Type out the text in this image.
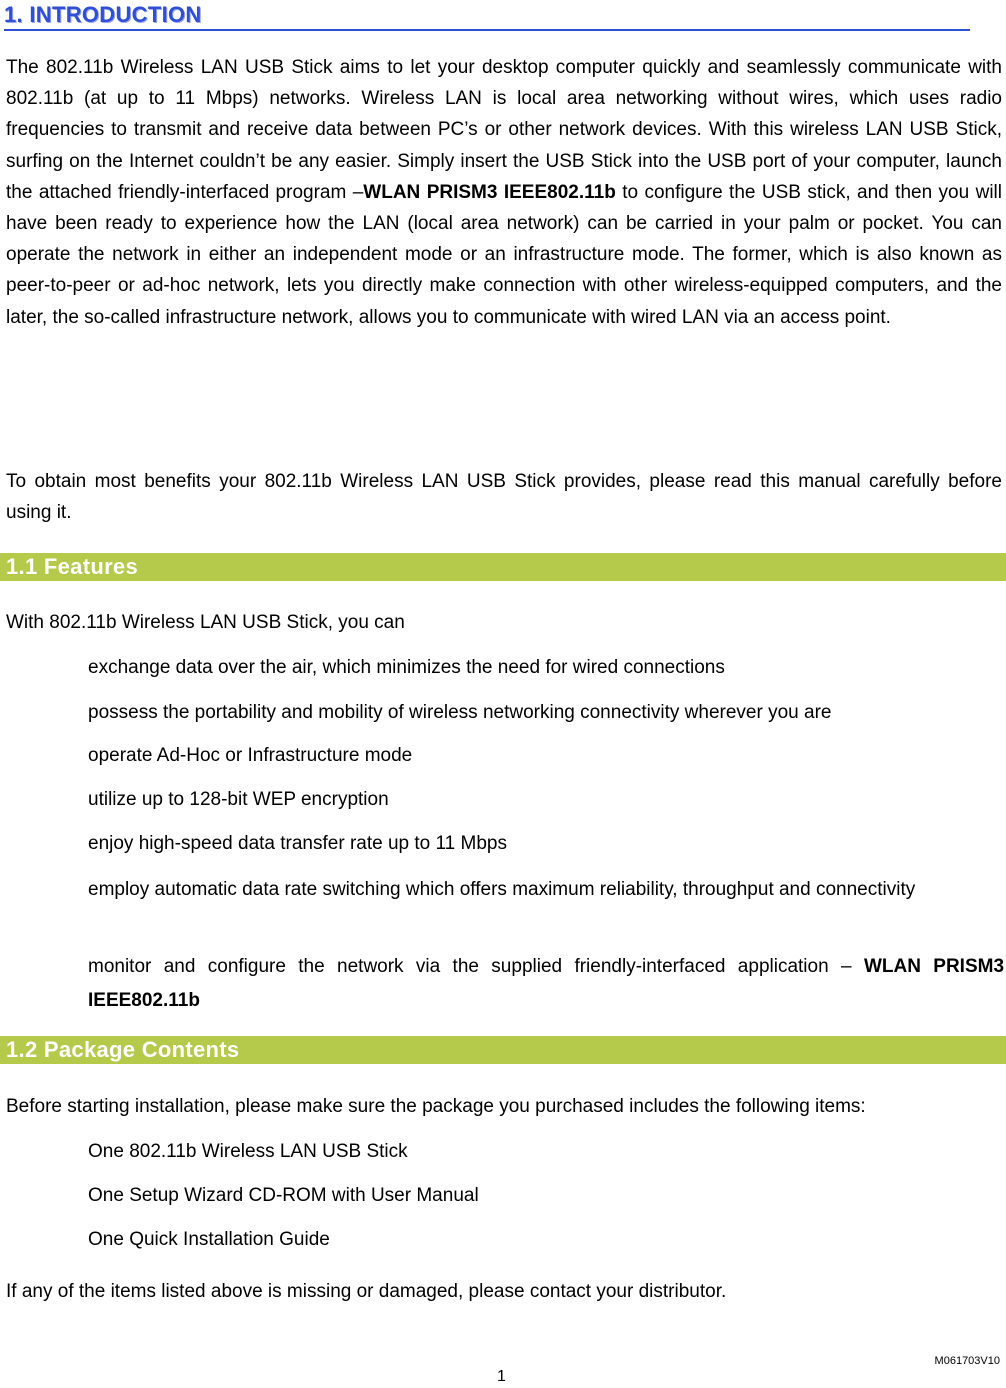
1. INTRODUCTION

The 802.11b Wireless LAN USB Stick aims to let your desktop computer quickly and seamlessly communicate with 802.11b (at up to 11 Mbps) networks. Wireless LAN is local area networking without wires, which uses radio frequencies to transmit and receive data between PC’s or other network devices. With this wireless LAN USB Stick, surfing on the Internet couldn’t be any easier. Simply insert the USB Stick into the USB port of your computer, launch the attached friendly-interfaced program –WLAN PRISM3 IEEE802.11b to configure the USB stick, and then you will have been ready to experience how the LAN (local area network) can be carried in your palm or pocket. You can operate the network in either an independent mode or an infrastructure mode. The former, which is also known as peer-to-peer or ad-hoc network, lets you directly make connection with other wireless-equipped computers, and the later, the so-called infrastructure network, allows you to communicate with wired LAN via an access point.

To obtain most benefits your 802.11b Wireless LAN USB Stick provides, please read this manual carefully before using it.

1.1 Features

With 802.11b Wireless LAN USB Stick, you can

exchange data over the air, which minimizes the need for wired connections
possess the portability and mobility of wireless networking connectivity wherever you are
operate Ad-Hoc or Infrastructure mode
utilize up to 128-bit WEP encryption
enjoy high-speed data transfer rate up to 11 Mbps
employ automatic data rate switching which offers maximum reliability, throughput and connectivity
monitor and configure the network via the supplied friendly-interfaced application – WLAN PRISM3 IEEE802.11b
1.2 Package Contents

Before starting installation, please make sure the package you purchased includes the following items:

One 802.11b Wireless LAN USB Stick
One Setup Wizard CD-ROM with User Manual
One Quick Installation Guide

If any of the items listed above is missing or damaged, please contact your distributor.

M061703V10
1
